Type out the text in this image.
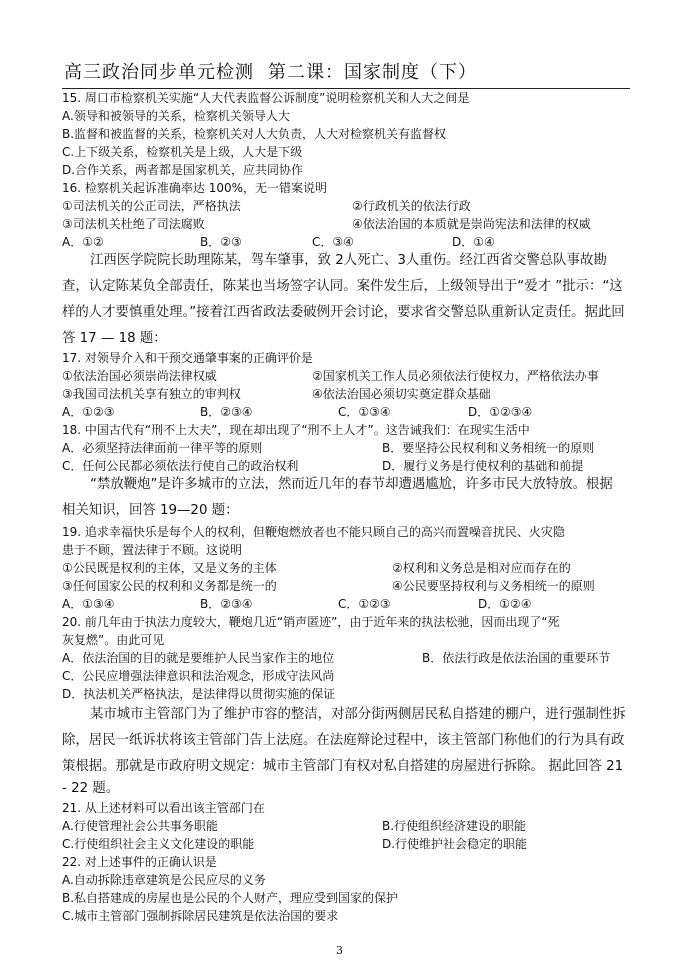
高三政治同步单元检测 第二课：国家制度（下）
15. 周口市检察机关实施“人大代表监督公诉制度”说明检察机关和人大之间是
A.领导和被领导的关系，检察机关领导人大
B.监督和被监督的关系，检察机关对人大负责，人大对检察机关有监督权
C.上下级关系，检察机关是上级，人大是下级
D.合作关系，两者都是国家机关，应共同协作
16. 检察机关起诉准确率达 100%，无一错案说明
①司法机关的公正司法，严格执法	②行政机关的依法行政
③司法机关杜绝了司法腐败	④依法治国的本质就是崇尚宪法和法律的权威
A．①②	B．②③	C．③④	D．①④
江西医学院院长助理陈某，驾车肇事，致 2人死亡、3人重伤。经江西省交警总队事故勘
查，认定陈某负全部责任，陈某也当场签字认同。案件发生后，上级领导出于“爱才 ”批示：“这
样的人才要慎重处理。”接着江西省政法委破例开会讨论，要求省交警总队重新认定责任。据此回
答 17 — 18 题：
17. 对领导介入和干预交通肇事案的正确评价是
①依法治国必须崇尚法律权威	②国家机关工作人员必须依法行使权力，严格依法办事
③我国司法机关享有独立的审判权	④依法治国必须切实奠定群众基础
A．①②③	B．②③④	C．①③④	D．①②③④
18. 中国古代有“刑不上大夫”，现在却出现了“刑不上人才”。这告诫我们：在现实生活中
A．必须坚持法律面前一律平等的原则	B．要坚持公民权利和义务相统一的原则
C．任何公民都必须依法行使自己的政治权利	D．履行义务是行使权利的基础和前提
“禁放鞭炮”是许多城市的立法，然而近几年的春节却遭遇尴尬，许多市民大放特放。根据
相关知识，回答 19—20 题：
19. 追求幸福快乐是每个人的权利，但鞭炮燃放者也不能只顾自己的高兴而置噪音扰民、火灾隐
患于不顾，置法律于不顾。这说明
①公民既是权利的主体，又是义务的主体	②权利和义务总是相对应而存在的
③任何国家公民的权利和义务都是统一的	④公民要坚持权利与义务相统一的原则
A．①③④	B．②③④	C．①②③	D．①②④
20. 前几年由于执法力度较大，鞭炮几近“销声匿迹”，由于近年来的执法松驰，因而出现了“死
灰复燃”。由此可见
A．依法治国的目的就是要维护人民当家作主的地位	B．依法行政是依法治国的重要环节
C．公民应增强法律意识和法治观念，形成守法风尚
D．执法机关严格执法，是法律得以贯彻实施的保证
某市城市主管部门为了维护市容的整洁，对部分街两侧居民私自搭建的棚户，进行强制性拆
除，居民一纸诉状将该主管部门告上法庭。在法庭辩论过程中，该主管部门称他们的行为具有政
策根据。那就是市政府明文规定：城市主管部门有权对私自搭建的房屋进行拆除。 据此回答 21
- 22 题。
21. 从上述材料可以看出该主管部门在
A.行使管理社会公共事务职能	B.行使组织经济建设的职能
C.行使组织社会主义文化建设的职能	D.行使维护社会稳定的职能
22. 对上述事件的正确认识是
A.自动拆除违章建筑是公民应尽的义务
B.私自搭建成的房屋也是公民的个人财产，理应受到国家的保护
C.城市主管部门强制拆除居民建筑是依法治国的要求
3
